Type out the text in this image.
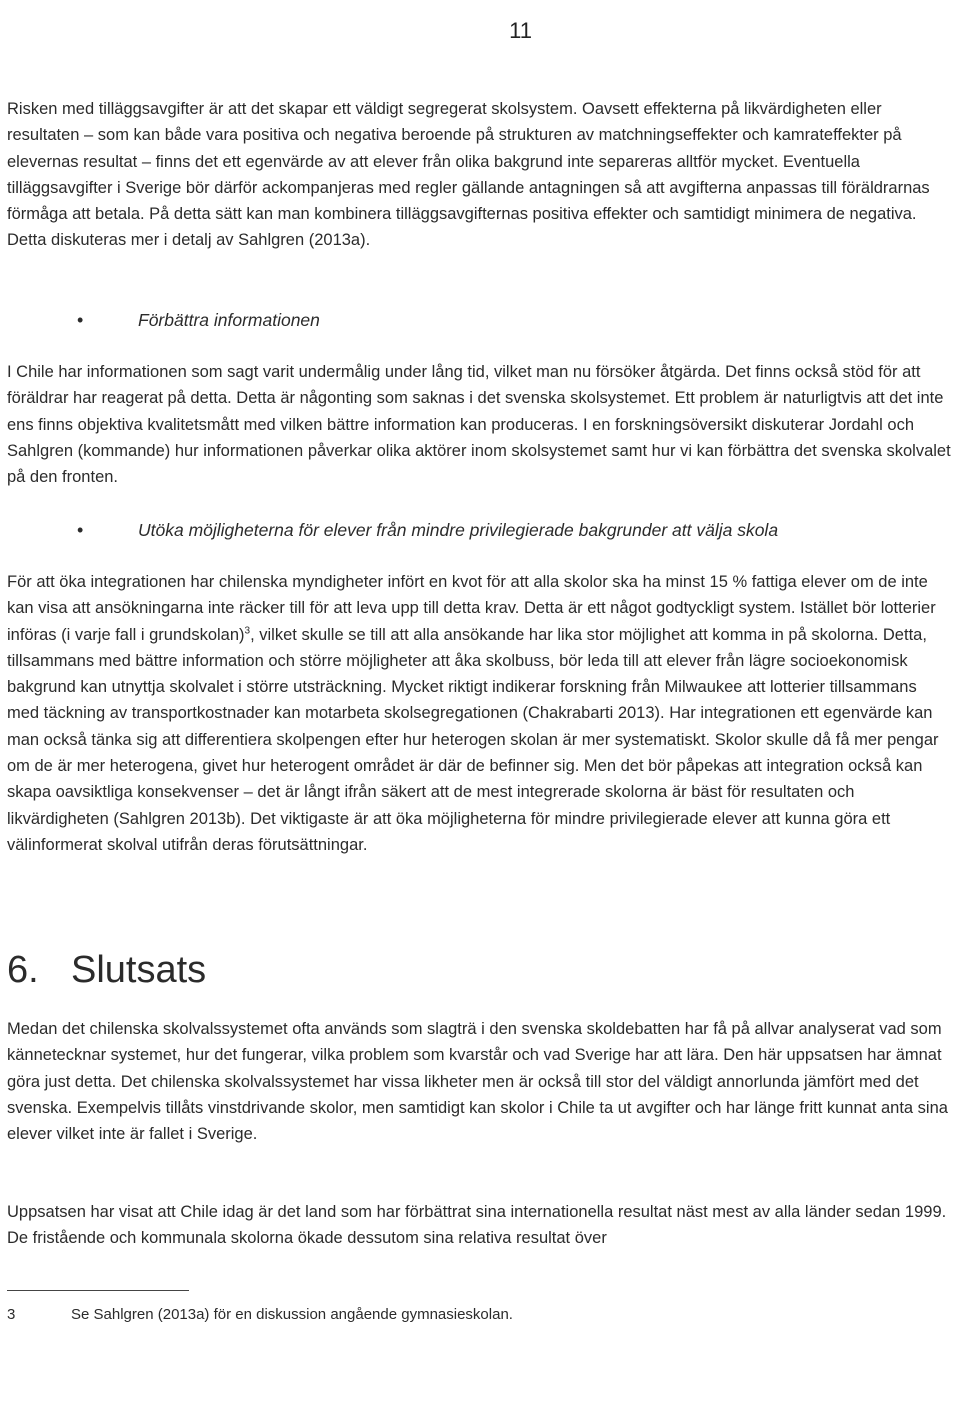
11

Risken med tilläggsavgifter är att det skapar ett väldigt segregerat skolsystem. Oavsett effekterna på likvärdigheten eller resultaten – som kan både vara positiva och negativa beroende på strukturen av matchningseffekter och kamrateffekter på elevernas resultat – finns det ett egenvärde av att elever från olika bakgrund inte separeras alltför mycket. Eventuella tilläggsavgifter i Sverige bör därför ackompanjeras med regler gällande antagningen så att avgifterna anpassas till föräldrarnas förmåga att betala. På detta sätt kan man kombinera tilläggsavgifternas positiva effekter och samtidigt minimera de negativa. Detta diskuteras mer i detalj av Sahlgren (2013a).

•	Förbättra informationen

I Chile har informationen som sagt varit undermålig under lång tid, vilket man nu försöker åtgärda. Det finns också stöd för att föräldrar har reagerat på detta. Detta är någonting som saknas i det svenska skolsystemet. Ett problem är naturligtvis att det inte ens finns objektiva kvalitetsmått med vilken bättre information kan produceras. I en forskningsöversikt diskuterar Jordahl och Sahlgren (kommande) hur informationen påverkar olika aktörer inom skolsystemet samt hur vi kan förbättra det svenska skolvalet på den fronten.

•	Utöka möjligheterna för elever från mindre privilegierade bakgrunder att välja skola

För att öka integrationen har chilenska myndigheter infört en kvot för att alla skolor ska ha minst 15 % fattiga elever om de inte kan visa att ansökningarna inte räcker till för att leva upp till detta krav. Detta är ett något godtyckligt system. Istället bör lotterier införas (i varje fall i grundskolan)$^3$, vilket skulle se till att alla ansökande har lika stor möjlighet att komma in på skolorna. Detta, tillsammans med bättre information och större möjligheter att åka skolbuss, bör leda till att elever från lägre socioekonomisk bakgrund kan utnyttja skolvalet i större utsträckning. Mycket riktigt indikerar forskning från Milwaukee att lotterier tillsammans med täckning av transportkostnader kan motarbeta skolsegregationen (Chakrabarti 2013). Har integrationen ett egenvärde kan man också tänka sig att differentiera skolpengen efter hur heterogen skolan är mer systematiskt. Skolor skulle då få mer pengar om de är mer heterogena, givet hur heterogent området är där de befinner sig. Men det bör påpekas att integration också kan skapa oavsiktliga konsekvenser – det är långt ifrån säkert att de mest integrerade skolorna är bäst för resultaten och likvärdigheten (Sahlgren 2013b). Det viktigaste är att öka möjligheterna för mindre privilegierade elever att kunna göra ett välinformerat skolval utifrån deras förutsättningar.

6. Slutsats

Medan det chilenska skolvalssystemet ofta används som slagträ i den svenska skoldebatten har få på allvar analyserat vad som kännetecknar systemet, hur det fungerar, vilka problem som kvarstår och vad Sverige har att lära. Den här uppsatsen har ämnat göra just detta. Det chilenska skolvalssystemet har vissa likheter men är också till stor del väldigt annorlunda jämfört med det svenska. Exempelvis tillåts vinstdrivande skolor, men samtidigt kan skolor i Chile ta ut avgifter och har länge fritt kunnat anta sina elever vilket inte är fallet i Sverige.

Uppsatsen har visat att Chile idag är det land som har förbättrat sina internationella resultat näst mest av alla länder sedan 1999. De fristående och kommunala skolorna ökade dessutom sina relativa resultat över

3	Se Sahlgren (2013a) för en diskussion angående gymnasieskolan.
